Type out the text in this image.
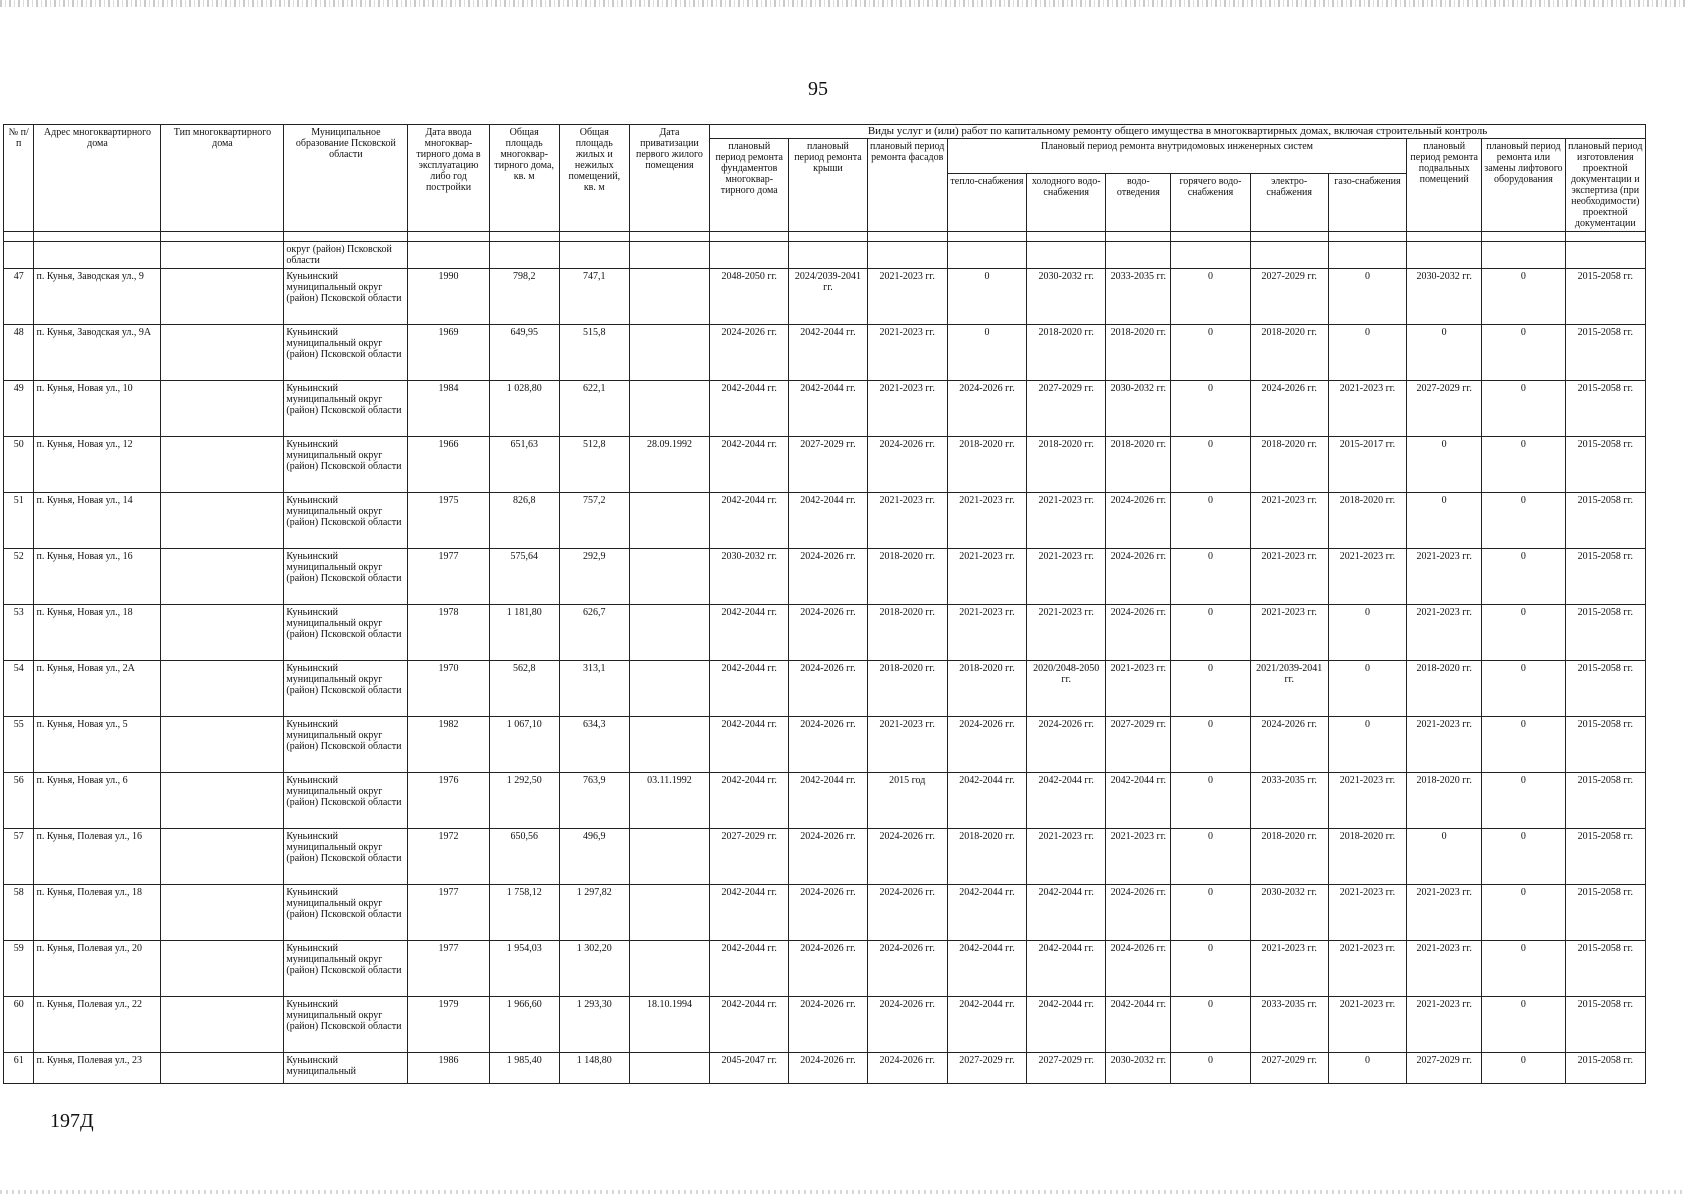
95
№ п/п	Адрес многоквартирного дома	Тип многоквартирного дома	Муниципальное образование Псковской области	Дата ввода многоквар-тирного дома в эксплуатацию либо год постройки	Общая площадь многоквар-тирного дома, кв. м	Общая площадь жилых и нежилых помещений, кв. м	Дата приватизации первого жилого помещения	Виды услуг и (или) работ по капитальному ремонту общего имущества в многоквартирных домах, включая строительный контроль											
								плановый период ремонта фундаментов многоквар-тирного дома	плановый период ремонта крыши	плановый период ремонта фасадов	Плановый период ремонта внутридомовых инженерных систем						плановый период ремонта подвальных помещений	плановый период ремонта или замены лифтового оборудования	плановый период изготовления проектной документации и экспертиза (при необходимости) проектной документации
											тепло-снабжения	холодного водо-снабжения	водо-отведения	горячего водо-снабжения	электро-снабжения	газо-снабжения			

			округ (район) Псковской области																
47	п. Кунья, Заводская ул., 9		Куньинский муниципальный округ (район) Псковской области	1990	798,2	747,1		2048-2050 гг.	2024/2039-2041 гг.	2021-2023 гг.	0	2030-2032 гг.	2033-2035 гг.	0	2027-2029 гг.	0	2030-2032 гг.	0	2015-2058 гг.
48	п. Кунья, Заводская ул., 9А		Куньинский муниципальный округ (район) Псковской области	1969	649,95	515,8		2024-2026 гг.	2042-2044 гг.	2021-2023 гг.	0	2018-2020 гг.	2018-2020 гг.	0	2018-2020 гг.	0	0	0	2015-2058 гг.
49	п. Кунья, Новая ул., 10		Куньинский муниципальный округ (район) Псковской области	1984	1 028,80	622,1		2042-2044 гг.	2042-2044 гг.	2021-2023 гг.	2024-2026 гг.	2027-2029 гг.	2030-2032 гг.	0	2024-2026 гг.	2021-2023 гг.	2027-2029 гг.	0	2015-2058 гг.
50	п. Кунья, Новая ул., 12		Куньинский муниципальный округ (район) Псковской области	1966	651,63	512,8	28.09.1992	2042-2044 гг.	2027-2029 гг.	2024-2026 гг.	2018-2020 гг.	2018-2020 гг.	2018-2020 гг.	0	2018-2020 гг.	2015-2017 гг.	0	0	2015-2058 гг.
51	п. Кунья, Новая ул., 14		Куньинский муниципальный округ (район) Псковской области	1975	826,8	757,2		2042-2044 гг.	2042-2044 гг.	2021-2023 гг.	2021-2023 гг.	2021-2023 гг.	2024-2026 гг.	0	2021-2023 гг.	2018-2020 гг.	0	0	2015-2058 гг.
52	п. Кунья, Новая ул., 16		Куньинский муниципальный округ (район) Псковской области	1977	575,64	292,9		2030-2032 гг.	2024-2026 гг.	2018-2020 гг.	2021-2023 гг.	2021-2023 гг.	2024-2026 гг.	0	2021-2023 гг.	2021-2023 гг.	2021-2023 гг.	0	2015-2058 гг.
53	п. Кунья, Новая ул., 18		Куньинский муниципальный округ (район) Псковской области	1978	1 181,80	626,7		2042-2044 гг.	2024-2026 гг.	2018-2020 гг.	2021-2023 гг.	2021-2023 гг.	2024-2026 гг.	0	2021-2023 гг.	0	2021-2023 гг.	0	2015-2058 гг.
54	п. Кунья, Новая ул., 2А		Куньинский муниципальный округ (район) Псковской области	1970	562,8	313,1		2042-2044 гг.	2024-2026 гг.	2018-2020 гг.	2018-2020 гг.	2020/2048-2050 гг.	2021-2023 гг.	0	2021/2039-2041 гг.	0	2018-2020 гг.	0	2015-2058 гг.
55	п. Кунья, Новая ул., 5		Куньинский муниципальный округ (район) Псковской области	1982	1 067,10	634,3		2042-2044 гг.	2024-2026 гг.	2021-2023 гг.	2024-2026 гг.	2024-2026 гг.	2027-2029 гг.	0	2024-2026 гг.	0	2021-2023 гг.	0	2015-2058 гг.
56	п. Кунья, Новая ул., 6		Куньинский муниципальный округ (район) Псковской области	1976	1 292,50	763,9	03.11.1992	2042-2044 гг.	2042-2044 гг.	2015 год	2042-2044 гг.	2042-2044 гг.	2042-2044 гг.	0	2033-2035 гг.	2021-2023 гг.	2018-2020 гг.	0	2015-2058 гг.
57	п. Кунья, Полевая ул., 16		Куньинский муниципальный округ (район) Псковской области	1972	650,56	496,9		2027-2029 гг.	2024-2026 гг.	2024-2026 гг.	2018-2020 гг.	2021-2023 гг.	2021-2023 гг.	0	2018-2020 гг.	2018-2020 гг.	0	0	2015-2058 гг.
58	п. Кунья, Полевая ул., 18		Куньинский муниципальный округ (район) Псковской области	1977	1 758,12	1 297,82		2042-2044 гг.	2024-2026 гг.	2024-2026 гг.	2042-2044 гг.	2042-2044 гг.	2024-2026 гг.	0	2030-2032 гг.	2021-2023 гг.	2021-2023 гг.	0	2015-2058 гг.
59	п. Кунья, Полевая ул., 20		Куньинский муниципальный округ (район) Псковской области	1977	1 954,03	1 302,20		2042-2044 гг.	2024-2026 гг.	2024-2026 гг.	2042-2044 гг.	2042-2044 гг.	2024-2026 гг.	0	2021-2023 гг.	2021-2023 гг.	2021-2023 гг.	0	2015-2058 гг.
60	п. Кунья, Полевая ул., 22		Куньинский муниципальный округ (район) Псковской области	1979	1 966,60	1 293,30	18.10.1994	2042-2044 гг.	2024-2026 гг.	2024-2026 гг.	2042-2044 гг.	2042-2044 гг.	2042-2044 гг.	0	2033-2035 гг.	2021-2023 гг.	2021-2023 гг.	0	2015-2058 гг.
61	п. Кунья, Полевая ул., 23		Куньинский муниципальный	1986	1 985,40	1 148,80		2045-2047 гг.	2024-2026 гг.	2024-2026 гг.	2027-2029 гг.	2027-2029 гг.	2030-2032 гг.	0	2027-2029 гг.	0	2027-2029 гг.	0	2015-2058 гг.
197Д
